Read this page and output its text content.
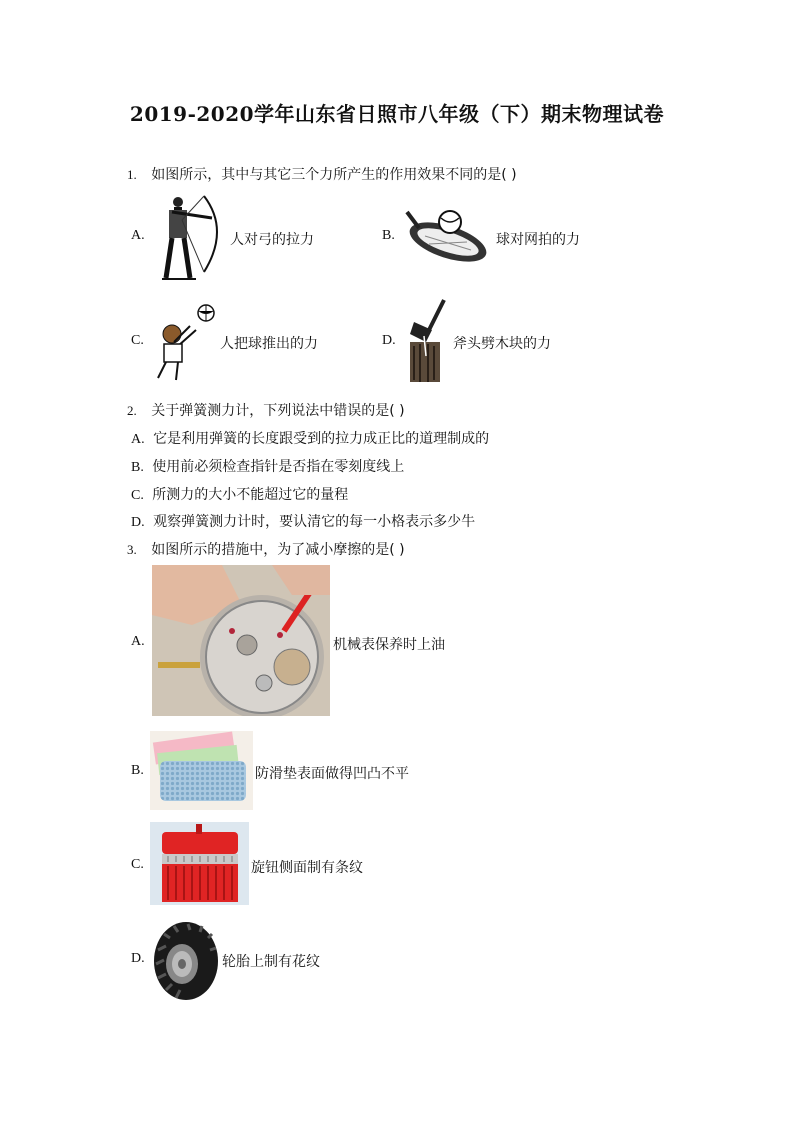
2019-2020学年山东省日照市八年级（下）期末物理试卷
1. 如图所示，其中与其它三个力所产生的作用效果不同的是( )
A.	人对弓的拉力	B.	球对网拍的力
C.	人把球推出的力	D.	斧头劈木块的力
2. 关于弹簧测力计，下列说法中错误的是( )
A. 它是利用弹簧的长度跟受到的拉力成正比的道理制成的
B. 使用前必须检查指针是否指在零刻度线上
C. 所测力的大小不能超过它的量程
D. 观察弹簧测力计时，要认清它的每一小格表示多少牛
3. 如图所示的措施中，为了减小摩擦的是( )
A.	机械表保养时上油
B.	防滑垫表面做得凹凸不平
C.	旋钮侧面制有条纹
D.	轮胎上制有花纹
